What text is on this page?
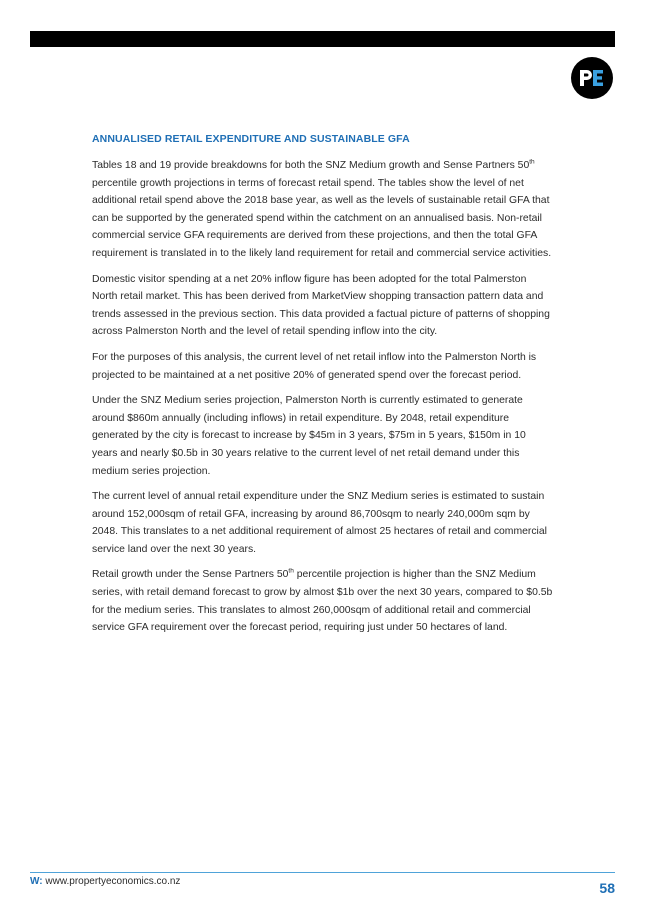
ANNUALISED RETAIL EXPENDITURE AND SUSTAINABLE GFA

Tables 18 and 19 provide breakdowns for both the SNZ Medium growth and Sense Partners 50th percentile growth projections in terms of forecast retail spend. The tables show the level of net additional retail spend above the 2018 base year, as well as the levels of sustainable retail GFA that can be supported by the generated spend within the catchment on an annualised basis. Non-retail commercial service GFA requirements are derived from these projections, and then the total GFA requirement is translated in to the likely land requirement for retail and commercial service activities.

Domestic visitor spending at a net 20% inflow figure has been adopted for the total Palmerston North retail market. This has been derived from MarketView shopping transaction pattern data and trends assessed in the previous section. This data provided a factual picture of patterns of shopping across Palmerston North and the level of retail spending inflow into the city.

For the purposes of this analysis, the current level of net retail inflow into the Palmerston North is projected to be maintained at a net positive 20% of generated spend over the forecast period.

Under the SNZ Medium series projection, Palmerston North is currently estimated to generate around $860m annually (including inflows) in retail expenditure. By 2048, retail expenditure generated by the city is forecast to increase by $45m in 3 years, $75m in 5 years, $150m in 10 years and nearly $0.5b in 30 years relative to the current level of net retail demand under this medium series projection.

The current level of annual retail expenditure under the SNZ Medium series is estimated to sustain around 152,000sqm of retail GFA, increasing by around 86,700sqm to nearly 240,000m sqm by 2048. This translates to a net additional requirement of almost 25 hectares of retail and commercial service land over the next 30 years.

Retail growth under the Sense Partners 50th percentile projection is higher than the SNZ Medium series, with retail demand forecast to grow by almost $1b over the next 30 years, compared to $0.5b for the medium series. This translates to almost 260,000sqm of additional retail and commercial service GFA requirement over the forecast period, requiring just under 50 hectares of land.

W: www.propertyeconomics.co.nz	58
